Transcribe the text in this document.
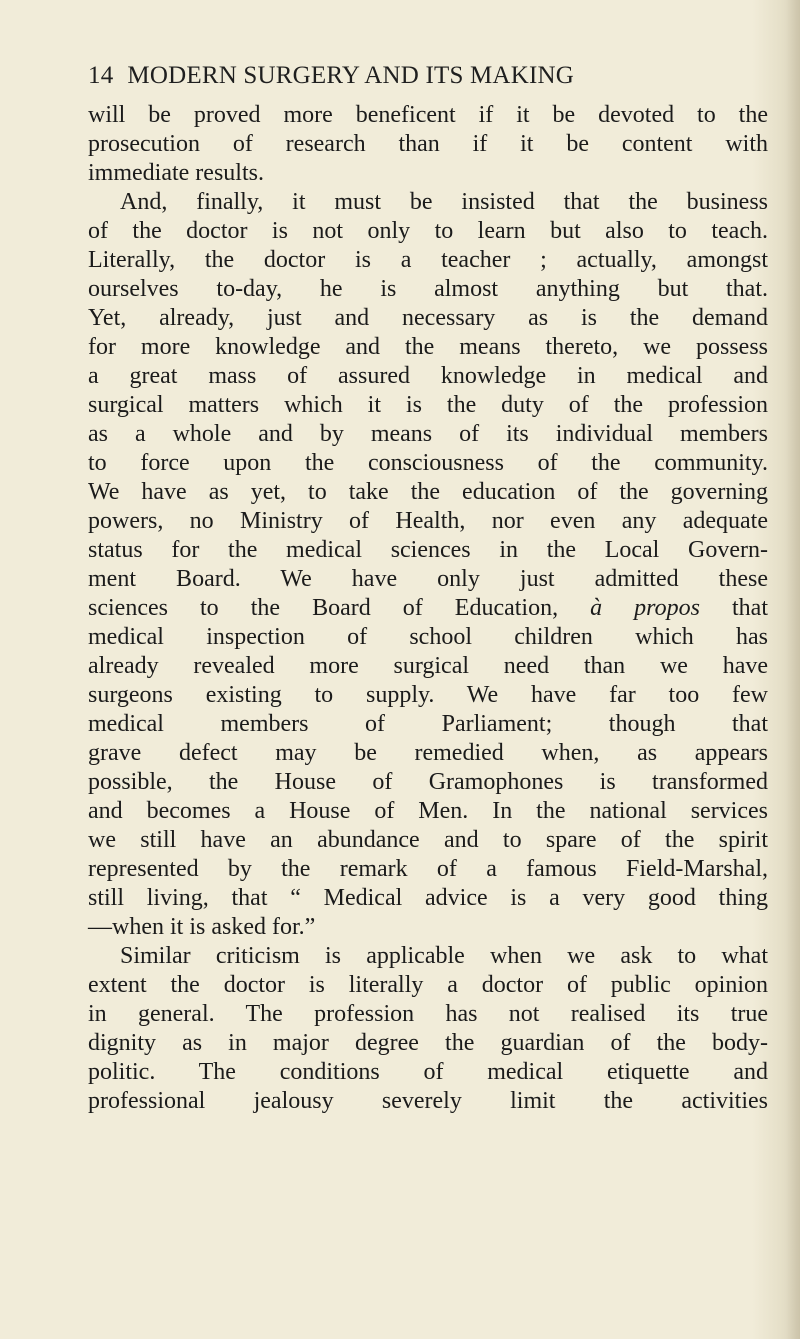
14 MODERN SURGERY AND ITS MAKING
will be proved more beneficent if it be devoted to the
prosecution of research than if it be content with
immediate results.
And, finally, it must be insisted that the business
of the doctor is not only to learn but also to teach.
Literally, the doctor is a teacher ; actually, amongst
ourselves to-day, he is almost anything but that.
Yet, already, just and necessary as is the demand
for more knowledge and the means thereto, we possess
a great mass of assured knowledge in medical and
surgical matters which it is the duty of the profession
as a whole and by means of its individual members
to force upon the consciousness of the community.
We have as yet, to take the education of the governing
powers, no Ministry of Health, nor even any adequate
status for the medical sciences in the Local Govern-
ment Board. We have only just admitted these
sciences to the Board of Education, à propos that
medical inspection of school children which has
already revealed more surgical need than we have
surgeons existing to supply. We have far too few
medical members of Parliament; though that
grave defect may be remedied when, as appears
possible, the House of Gramophones is transformed
and becomes a House of Men. In the national services
we still have an abundance and to spare of the spirit
represented by the remark of a famous Field-Marshal,
still living, that “ Medical advice is a very good thing
—when it is asked for.”
Similar criticism is applicable when we ask to what
extent the doctor is literally a doctor of public opinion
in general. The profession has not realised its true
dignity as in major degree the guardian of the body-
politic. The conditions of medical etiquette and
professional jealousy severely limit the activities
